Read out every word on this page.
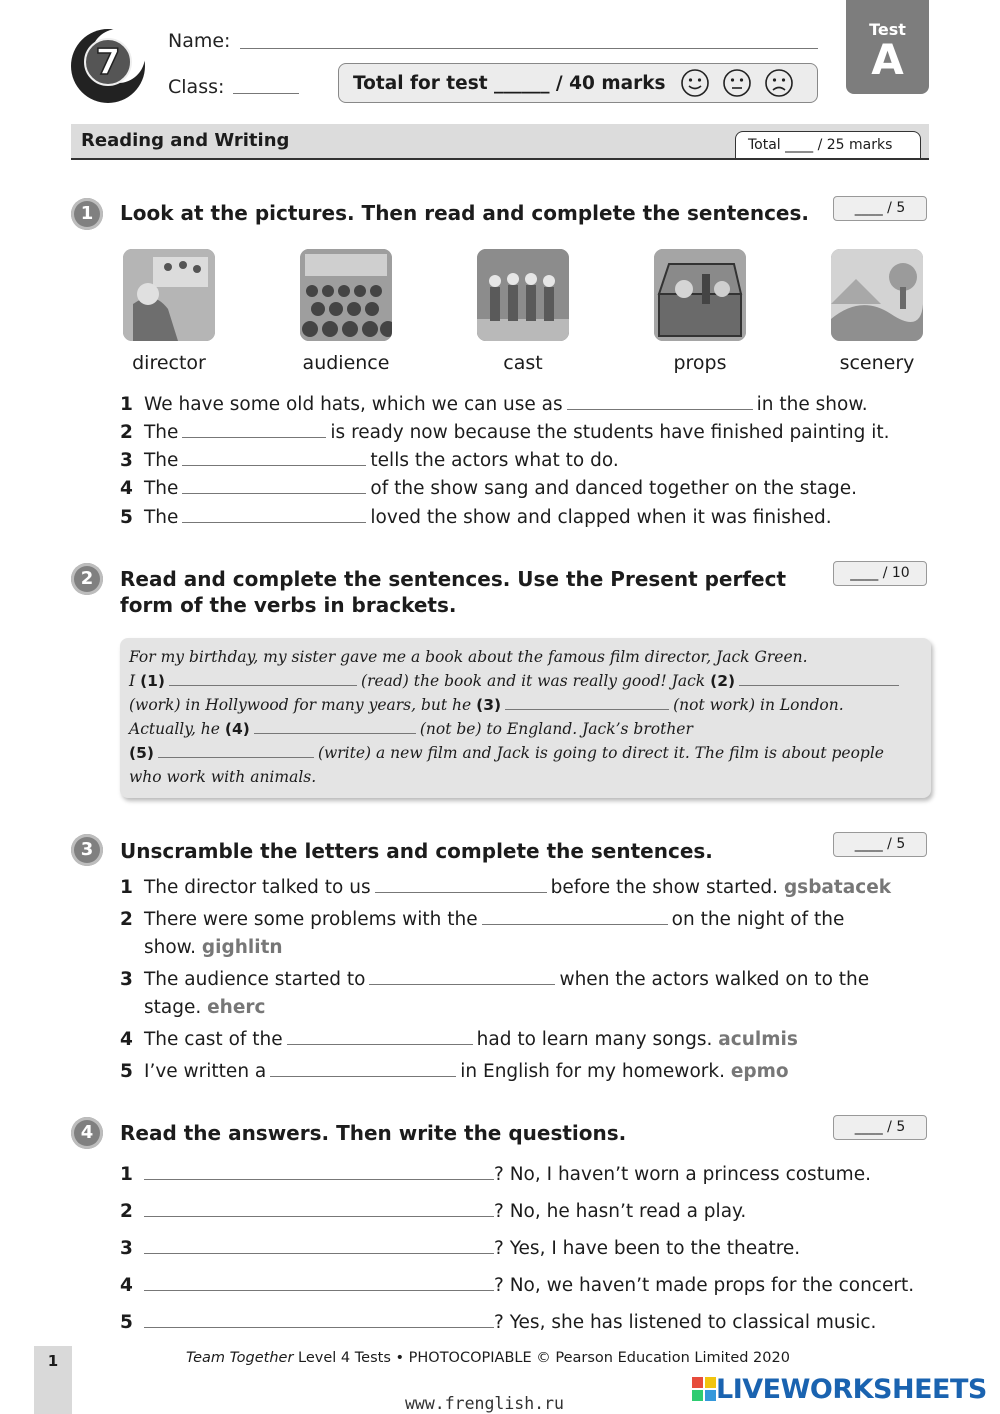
7
Name:
Class:	Total for test ______ / 40 marks
Test
A
Reading and Writing	Total ____ / 25 marks
1	Look at the pictures. Then read and complete the sentences.	____ / 5
director	audience	cast	props	scenery
1 We have some old hats, which we can use as	in the show.
2 The	is ready now because the students have finished painting it.
3 The	tells the actors what to do.
4 The	of the show sang and danced together on the stage.
5 The	loved the show and clapped when it was finished.
2	Read and complete the sentences. Use the Present perfect
form of the verbs in brackets.
____ / 10
For my birthday, my sister gave me a book about the famous film director, Jack Green.
I (1)	(read) the book and it was really good! Jack (2)
(work) in Hollywood for many years, but he (3)	(not work) in London.
Actually, he (4)	(not be) to England. Jack’s brother
(5)	(write) a new film and Jack is going to direct it. The film is about people
who work with animals.
3	Unscramble the letters and complete the sentences.	____ / 5
1 The director talked to us	before the show started. gsbatacek
2 There were some problems with the	on the night of the
show. gighlitn
3 The audience started to	when the actors walked on to the
stage. eherc
4 The cast of the	had to learn many songs. aculmis
5 I’ve written a	in English for my homework. epmo
4	Read the answers. Then write the questions.	____ / 5
1	? No, I haven’t worn a princess costume.
2	? No, he hasn’t read a play.
3	? Yes, I have been to the theatre.
4	? No, we haven’t made props for the concert.
5	? Yes, she has listened to classical music.
1	Team Together Level 4 Tests • PHOTOCOPIABLE © Pearson Education Limited 2020
LIVEWORKSHEETS
www.frenglish.ru
